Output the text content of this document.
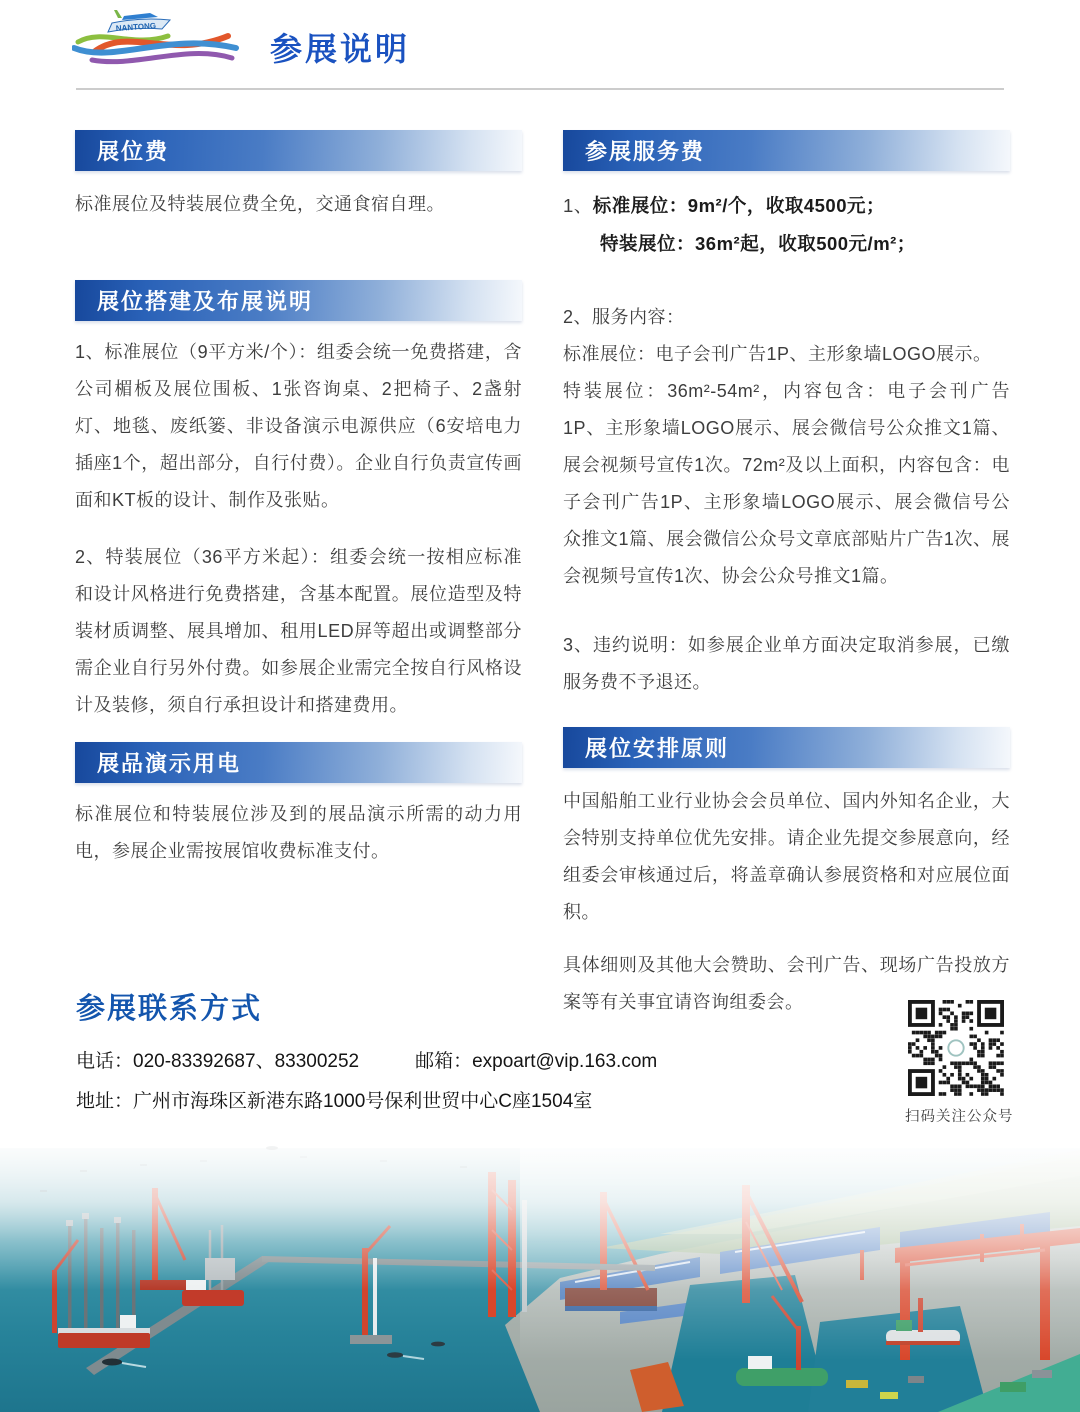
NANTONG
参展说明
展位费
标准展位及特装展位费全免，交通食宿自理。
展位搭建及布展说明
1、标准展位（9平方米/个）：组委会统一免费搭建，含公司楣板及展位围板、1张咨询桌、2把椅子、2盏射灯、地毯、废纸篓、非设备演示电源供应（6安培电力插座1个，超出部分，自行付费）。企业自行负责宣传画面和KT板的设计、制作及张贴。
2、特装展位（36平方米起）：组委会统一按相应标准和设计风格进行免费搭建，含基本配置。展位造型及特装材质调整、展具增加、租用LED屏等超出或调整部分需企业自行另外付费。如参展企业需完全按自行风格设计及装修，须自行承担设计和搭建费用。
展品演示用电
标准展位和特装展位涉及到的展品演示所需的动力用电，参展企业需按展馆收费标准支付。
参展服务费
1、标准展位：9m²/个，收取4500元；
特装展位：36m²起，收取500元/m²；
2、服务内容：
标准展位：电子会刊广告1P、主形象墙LOGO展示。
特装展位：36m²-54m²，内容包含：电子会刊广告1P、主形象墙LOGO展示、展会微信号公众推文1篇、展会视频号宣传1次。72m²及以上面积，内容包含：电子会刊广告1P、主形象墙LOGO展示、展会微信号公众推文1篇、展会微信公众号文章底部贴片广告1次、展会视频号宣传1次、协会公众号推文1篇。
3、违约说明：如参展企业单方面决定取消参展，已缴服务费不予退还。
展位安排原则
中国船舶工业行业协会会员单位、国内外知名企业，大会特别支持单位优先安排。请企业先提交参展意向，经组委会审核通过后，将盖章确认参展资格和对应展位面积。
具体细则及其他大会赞助、会刊广告、现场广告投放方案等有关事宜请咨询组委会。
参展联系方式
电话：020-83392687、83300252	邮箱：expoart@vip.163.com
地址：广州市海珠区新港东路1000号保利世贸中心C座1504室
扫码关注公众号
